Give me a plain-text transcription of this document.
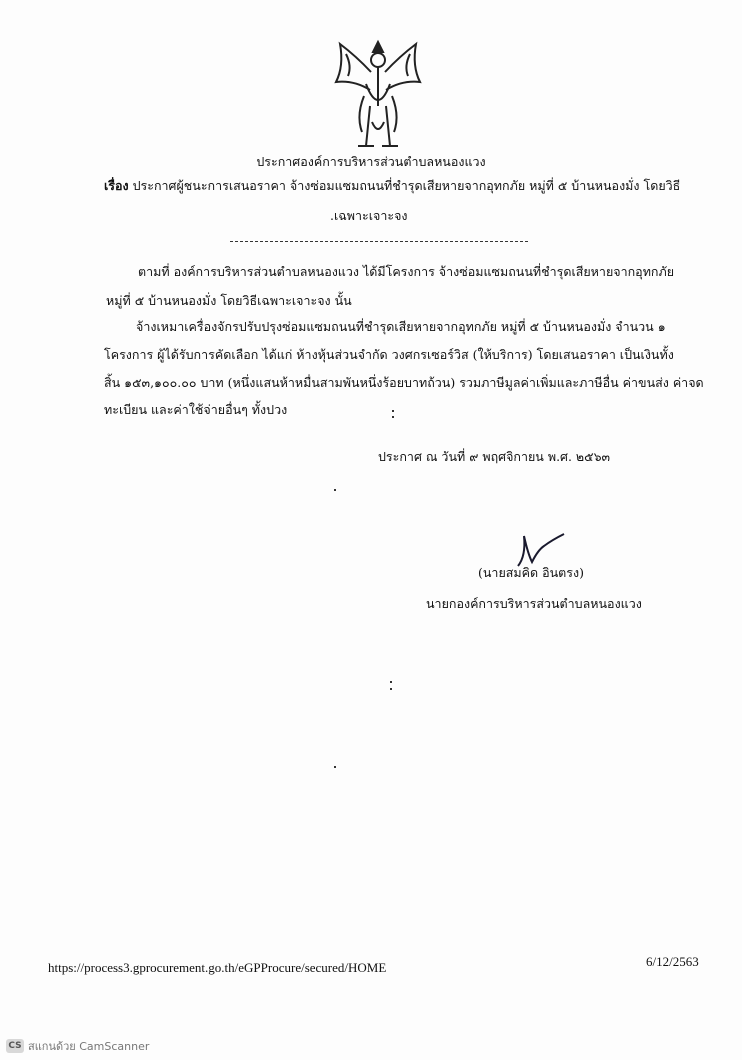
ประกาศองค์การบริหารส่วนตำบลหนองแวง
เรื่อง ประกาศผู้ชนะการเสนอราคา จ้างซ่อมแซมถนนที่ชำรุดเสียหายจากอุทกภัย หมู่ที่ ๕ บ้านหนองมั่ง โดยวิธี
.เฉพาะเจาะจง
ตามที่ องค์การบริหารส่วนตำบลหนองแวง ได้มีโครงการ จ้างซ่อมแซมถนนที่ชำรุดเสียหายจากอุทกภัย
หมู่ที่ ๕ บ้านหนองมั่ง โดยวิธีเฉพาะเจาะจง นั้น
จ้างเหมาเครื่องจักรปรับปรุงซ่อมแซมถนนที่ชำรุดเสียหายจากอุทกภัย หมู่ที่ ๕ บ้านหนองมั่ง จำนวน ๑
โครงการ ผู้ได้รับการคัดเลือก ได้แก่ ห้างหุ้นส่วนจำกัด วงศกรเซอร์วิส (ให้บริการ) โดยเสนอราคา เป็นเงินทั้ง
สิ้น ๑๕๓,๑๐๐.๐๐ บาท (หนึ่งแสนห้าหมื่นสามพันหนึ่งร้อยบาทถ้วน) รวมภาษีมูลค่าเพิ่มและภาษีอื่น ค่าขนส่ง ค่าจด
ทะเบียน และค่าใช้จ่ายอื่นๆ ทั้งปวง
ประกาศ ณ วันที่ ๙ พฤศจิกายน พ.ศ. ๒๕๖๓
(นายสมคิด อินตรง)
นายกองค์การบริหารส่วนตำบลหนองแวง
https://process3.gprocurement.go.th/eGPProcure/secured/HOME	6/12/2563
CS สแกนด้วย CamScanner
